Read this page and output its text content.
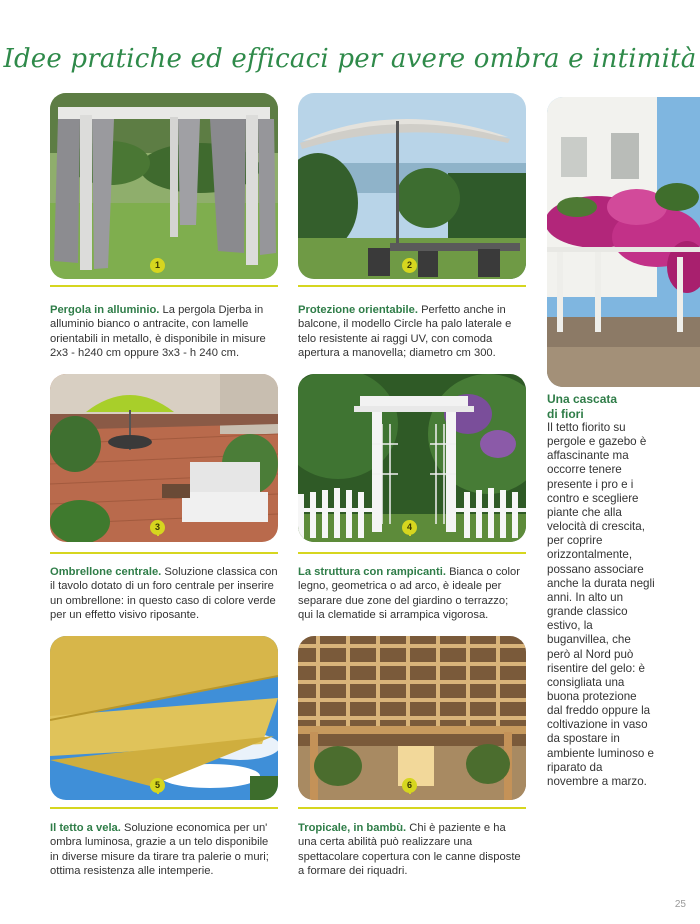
Idee pratiche ed efficaci per avere ombra e intimità
1
Pergola in alluminio. La pergola Djerba in alluminio bianco o antracite, con lamelle orientabili in metallo, è disponibile in misure 2x3 - h240 cm oppure 3x3 - h 240 cm.
2
Protezione orientabile. Perfetto anche in balcone, il modello Circle ha palo laterale e telo resistente ai raggi UV, con comoda apertura a manovella; diametro cm 300.
3
Ombrellone centrale. Soluzione classica con il tavolo dotato di un foro centrale per inserire un ombrellone: in questo caso di colore verde per un effetto visivo riposante.
4
La struttura con rampicanti. Bianca o color legno, geometrica o ad arco, è ideale per separare due zone del giardino o terrazzo; qui la clematide si arrampica vigorosa.
5
Il tetto a vela. Soluzione economica per un' ombra luminosa, grazie a un telo disponibile in diverse misure da tirare tra palerie o muri; ottima resistenza alle intemperie.
6
Tropicale, in bambù. Chi è paziente e ha una certa abilità può realizzare una spettacolare copertura con le canne disposte a formare dei riquadri.
Una cascata
di fiori
Il tetto fiorito su pergole e gazebo è affascinante ma occorre tenere presente i pro e i contro e scegliere piante che alla velocità di crescita, per coprire orizzontalmente, possano associare anche la durata negli anni. In alto un grande classico estivo, la buganvillea, che però al Nord può risentire del gelo: è consigliata una buona protezione dal freddo oppure la coltivazione in vaso da spostare in ambiente luminoso e riparato da novembre a marzo.
25
